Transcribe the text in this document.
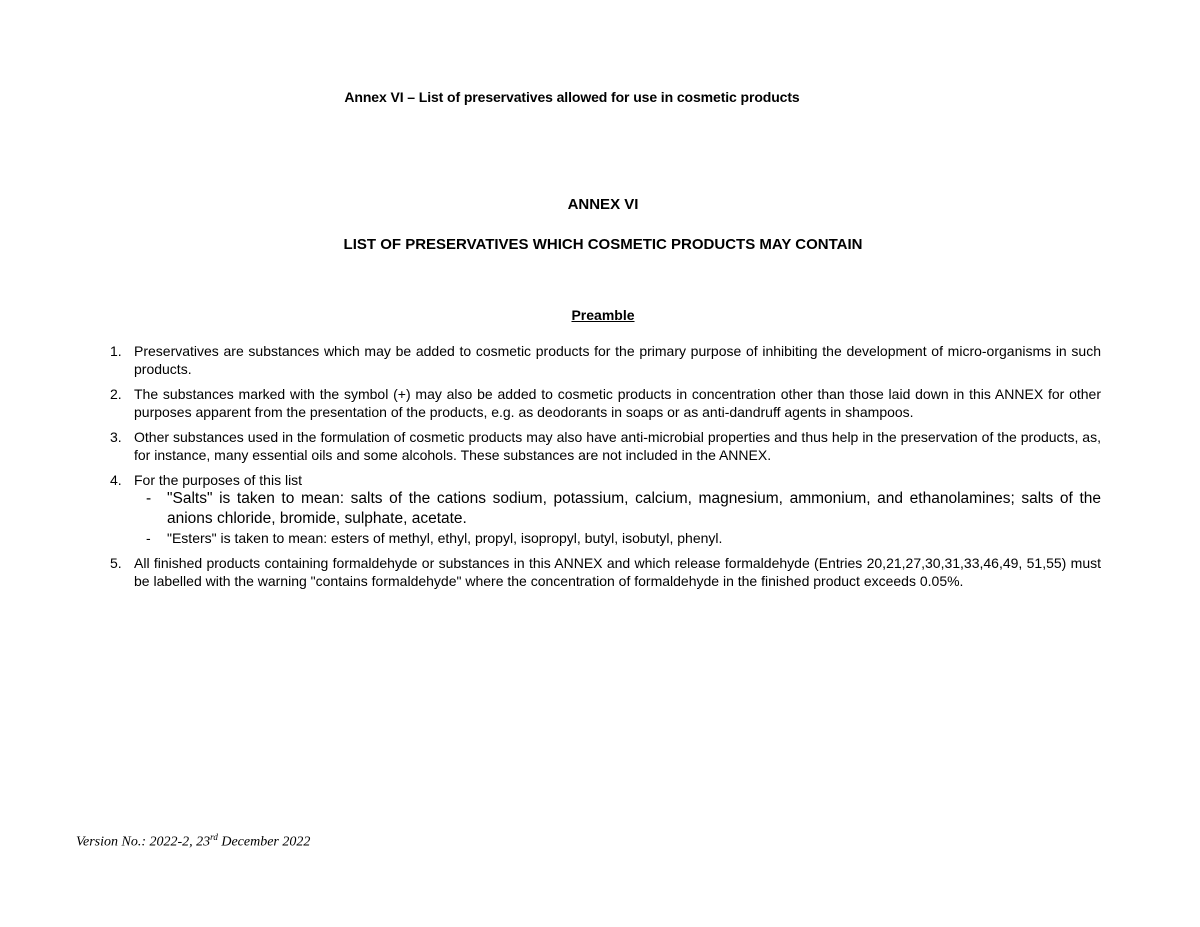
Annex VI – List of preservatives allowed for use in cosmetic products
ANNEX VI
LIST OF PRESERVATIVES WHICH COSMETIC PRODUCTS MAY CONTAIN
Preamble
1. Preservatives are substances which may be added to cosmetic products for the primary purpose of inhibiting the development of micro-organisms in such products.
2. The substances marked with the symbol (+) may also be added to cosmetic products in concentration other than those laid down in this ANNEX for other purposes apparent from the presentation of the products, e.g. as deodorants in soaps or as anti-dandruff agents in shampoos.
3. Other substances used in the formulation of cosmetic products may also have anti-microbial properties and thus help in the preservation of the products, as, for instance, many essential oils and some alcohols. These substances are not included in the ANNEX.
4. For the purposes of this list
- "Salts" is taken to mean: salts of the cations sodium, potassium, calcium, magnesium, ammonium, and ethanolamines; salts of the anions chloride, bromide, sulphate, acetate.
- "Esters" is taken to mean: esters of methyl, ethyl, propyl, isopropyl, butyl, isobutyl, phenyl.
5. All finished products containing formaldehyde or substances in this ANNEX and which release formaldehyde (Entries 20,21,27,30,31,33,46,49, 51,55) must be labelled with the warning "contains formaldehyde" where the concentration of formaldehyde in the finished product exceeds 0.05%.
Version No.: 2022-2, 23rd December 2022
